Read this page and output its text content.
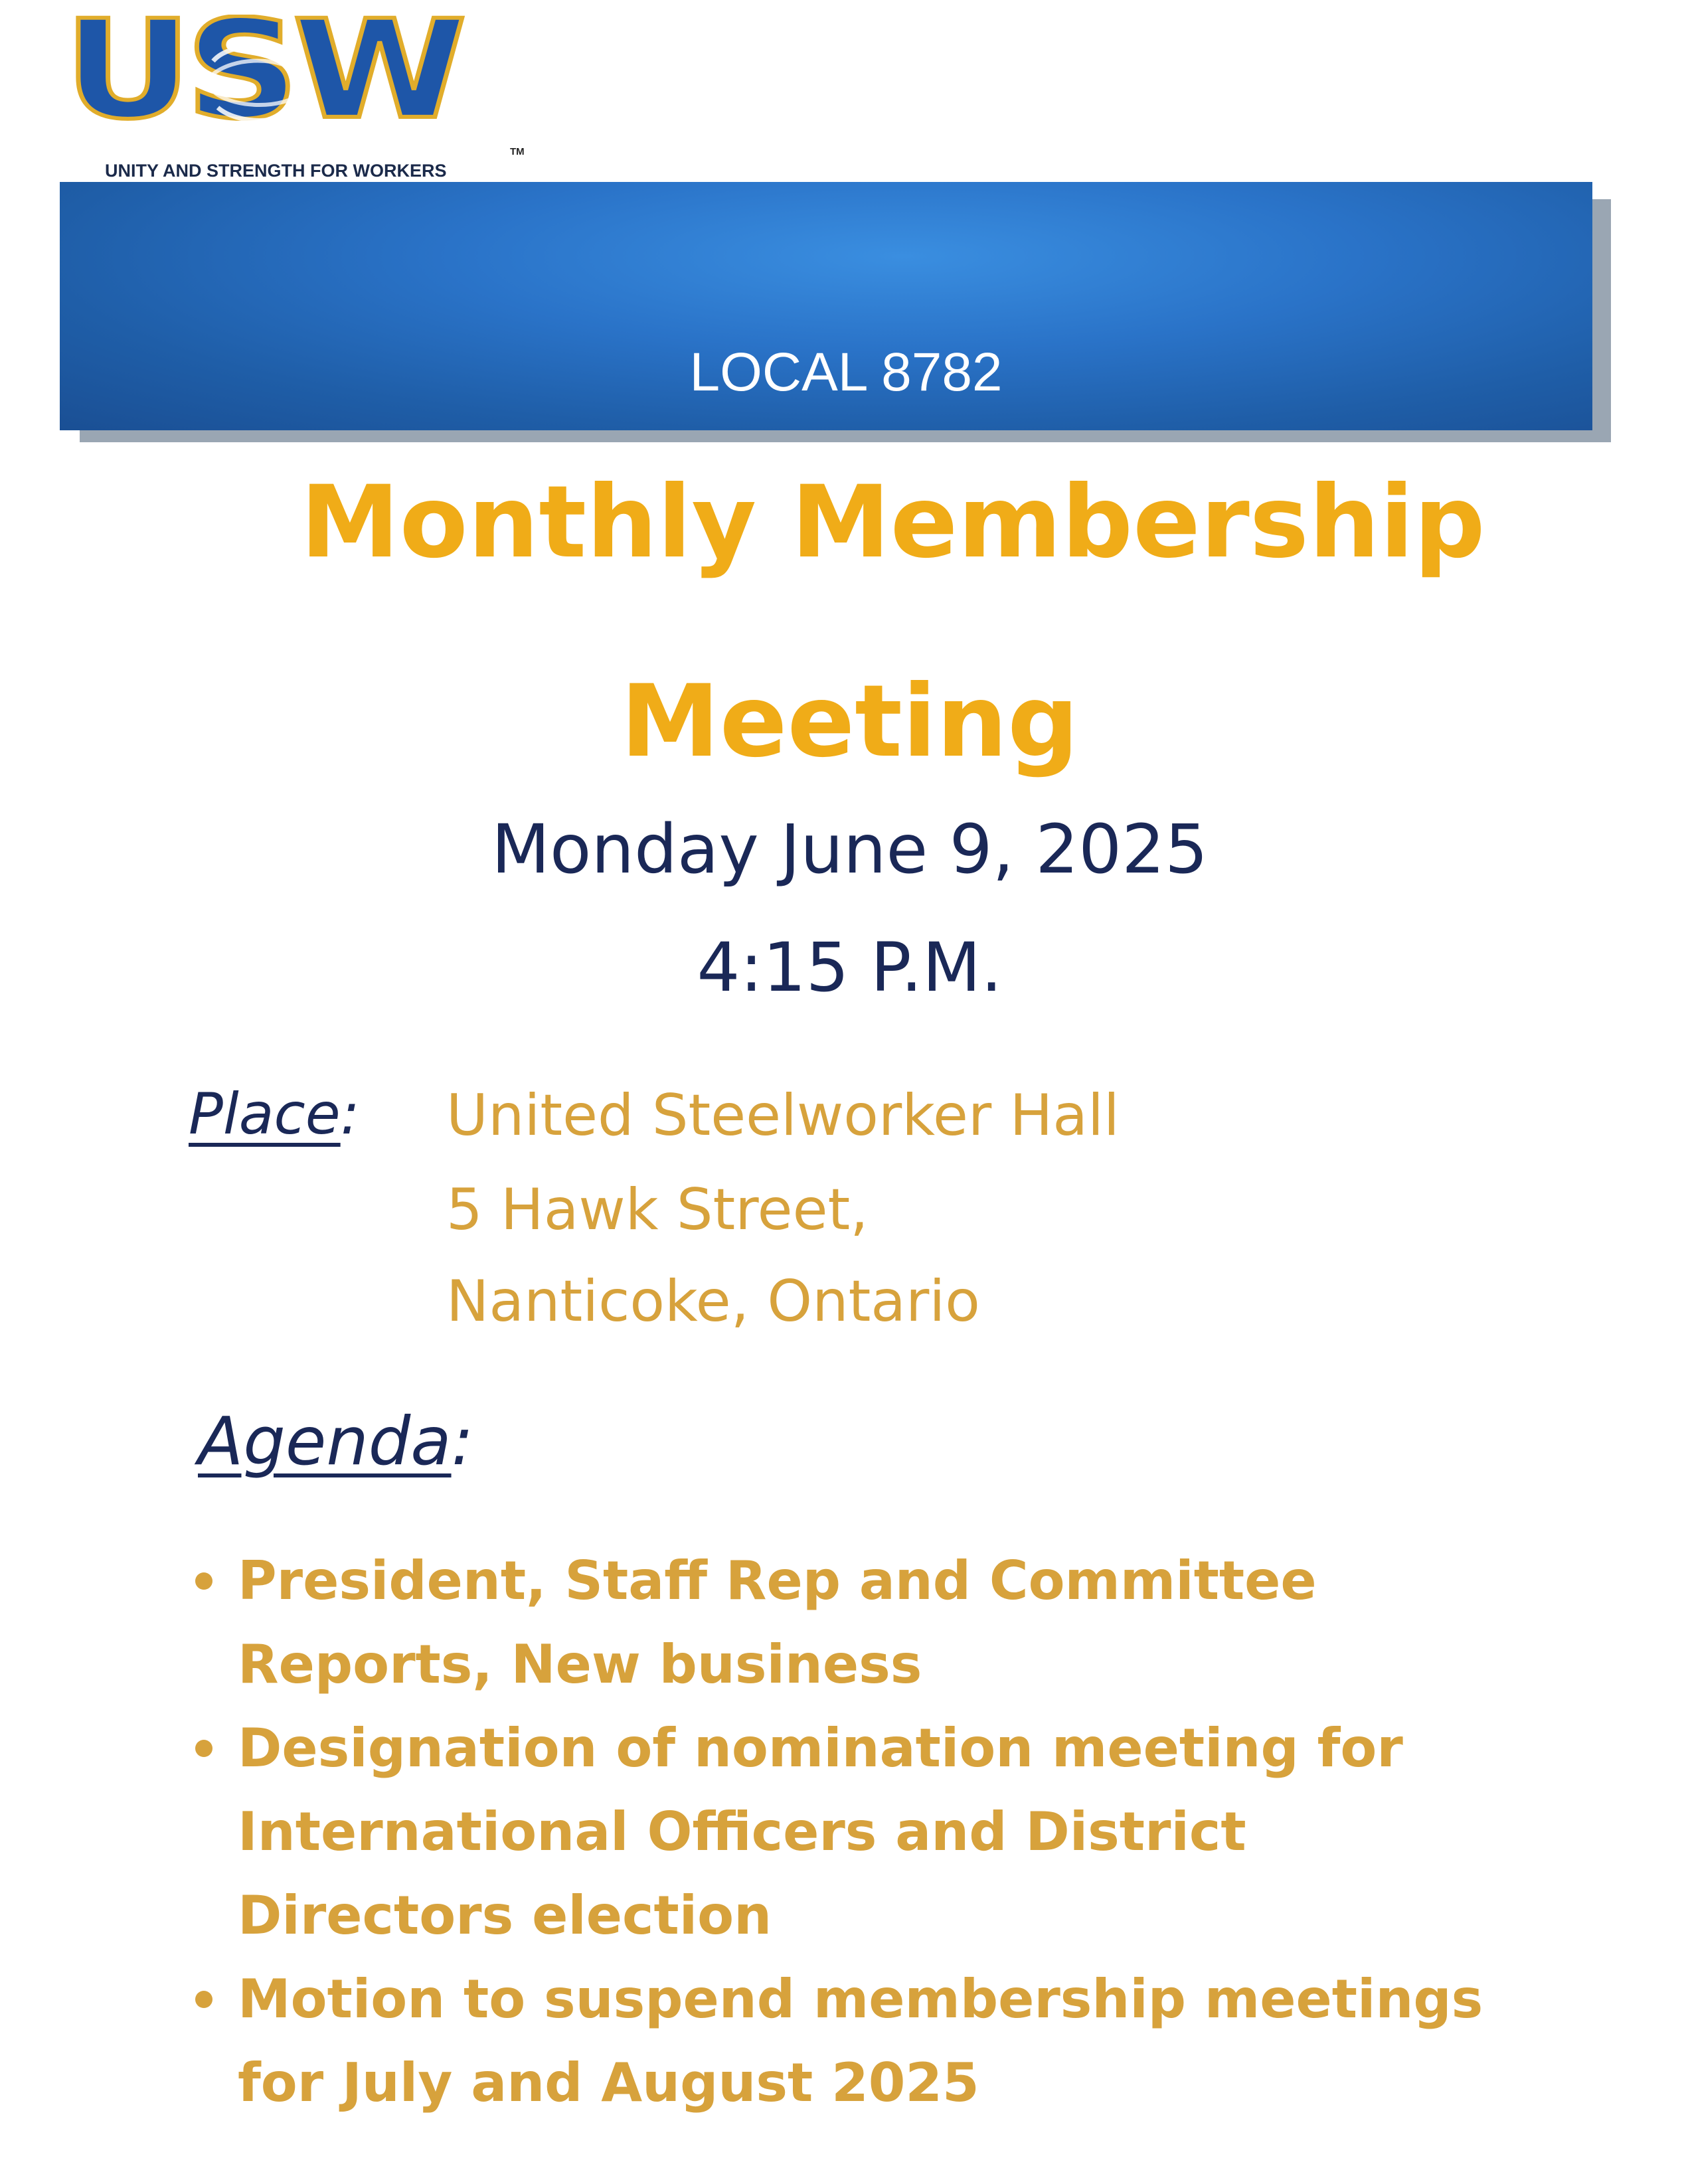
USW
TM
UNITY AND STRENGTH FOR WORKERS
LOCAL 8782
Monthly Membership
Meeting
Monday June 9, 2025
4:15 P.M.
Place: United Steelworker Hall
5 Hawk Street,
Nanticoke, Ontario
Agenda:
President, Staff Rep and Committee
Reports, New business
Designation of nomination meeting for
International Officers and District
Directors election
Motion to suspend membership meetings
for July and August 2025
